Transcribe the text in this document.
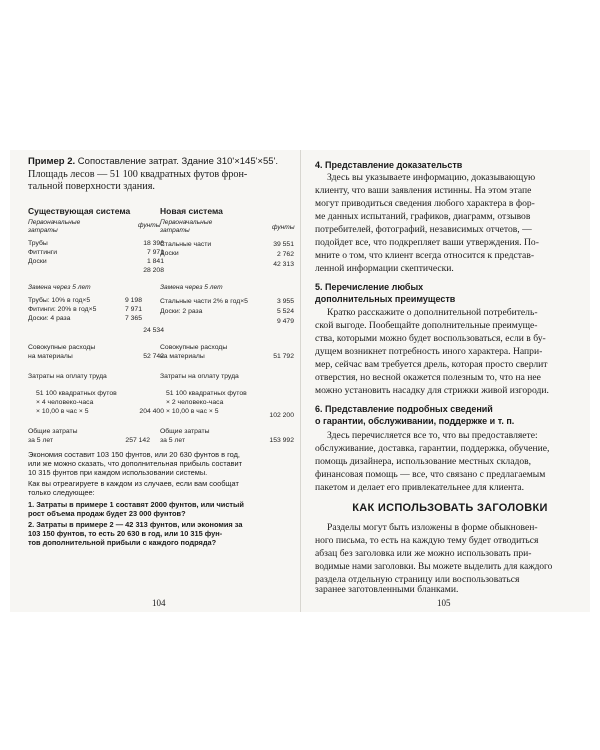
Пример 2. Сопоставление затрат. Здание 310'×145'×55'.
Площадь лесов — 51 100 квадратных футов фрон-
тальной поверхности здания.
Существующая система
Первоначальные
затраты
фунты
Трубы	18 396
Фиттинги	7 971
Доски	1 841
28 208
Замена через 5 лет
Трубы: 10% в год×5	9 198
Фитинги: 20% в год×5	7 971
Доски: 4 раза	7 365
24 534
Совокупные расходы
на материалы	52 742
Затраты на оплату труда
51 100 квадратных футов
× 4 человеко-часа
× 10,00 в час × 5	204 400
Общие затраты
за 5 лет	257 142
Новая система
Первоначальные
затраты	фунты
Стальные части	39 551
Доски	2 762
42 313
Замена через 5 лет
Стальные части 2% в год×5	3 955
Доски: 2 раза	5 524
9 479
Совокупные расходы
на материалы	51 792
Затраты на оплату труда
51 100 квадратных футов
× 2 человеко-часа
× 10,00 в час × 5
102 200
Общие затраты
за 5 лет	153 992
Экономия составит 103 150 фунтов, или 20 630 фунтов в год,
или же можно сказать, что дополнительная прибыль составит
10 315 фунтов при каждом использовании системы.
Как вы отреагируете в каждом из случаев, если вам сообщат
только следующее:
1. Затраты в примере 1 составят 2000 фунтов, или чистый
рост объема продаж будет 23 000 фунтов?
2. Затраты в примере 2 — 42 313 фунтов, или экономия за
103 150 фунтов, то есть 20 630 в год, или 10 315 фун-
тов дополнительной прибыли с каждого подряда?
104
4. Представление доказательств
Здесь вы указываете информацию, доказывающую
клиенту, что ваши заявления истинны. На этом этапе
могут приводиться сведения любого характера в фор-
ме данных испытаний, графиков, диаграмм, отзывов
потребителей, фотографий, независимых отчетов, —
подойдет все, что подкрепляет ваши утверждения. По-
мните о том, что клиент всегда относится к представ-
ленной информации скептически.
5. Перечисление любых
дополнительных преимуществ
Кратко расскажите о дополнительной потребитель-
ской выгоде. Пообещайте дополнительные преимуще-
ства, которыми можно будет воспользоваться, если в бу-
дущем возникнет потребность иного характера. Напри-
мер, сейчас вам требуется дрель, которая просто сверлит
отверстия, но весной окажется полезным то, что на нее
можно установить насадку для стрижки живой изгороди.
6. Представление подробных сведений
о гарантии, обслуживании, поддержке и т. п.
Здесь перечисляется все то, что вы предоставляете:
обслуживание, доставка, гарантии, поддержка, обучение,
помощь дизайнера, использование местных складов,
финансовая помощь — все, что связано с предлагаемым
пакетом и делает его привлекательнее для клиента.
КАК ИСПОЛЬЗОВАТЬ ЗАГОЛОВКИ
Разделы могут быть изложены в форме обыкновен-
ного письма, то есть на каждую тему будет отводиться
абзац без заголовка или же можно использовать при-
водимые нами заголовки. Вы можете выделить для каждого
раздела отдельную страницу или воспользоваться
заранее заготовленными бланками.
105
